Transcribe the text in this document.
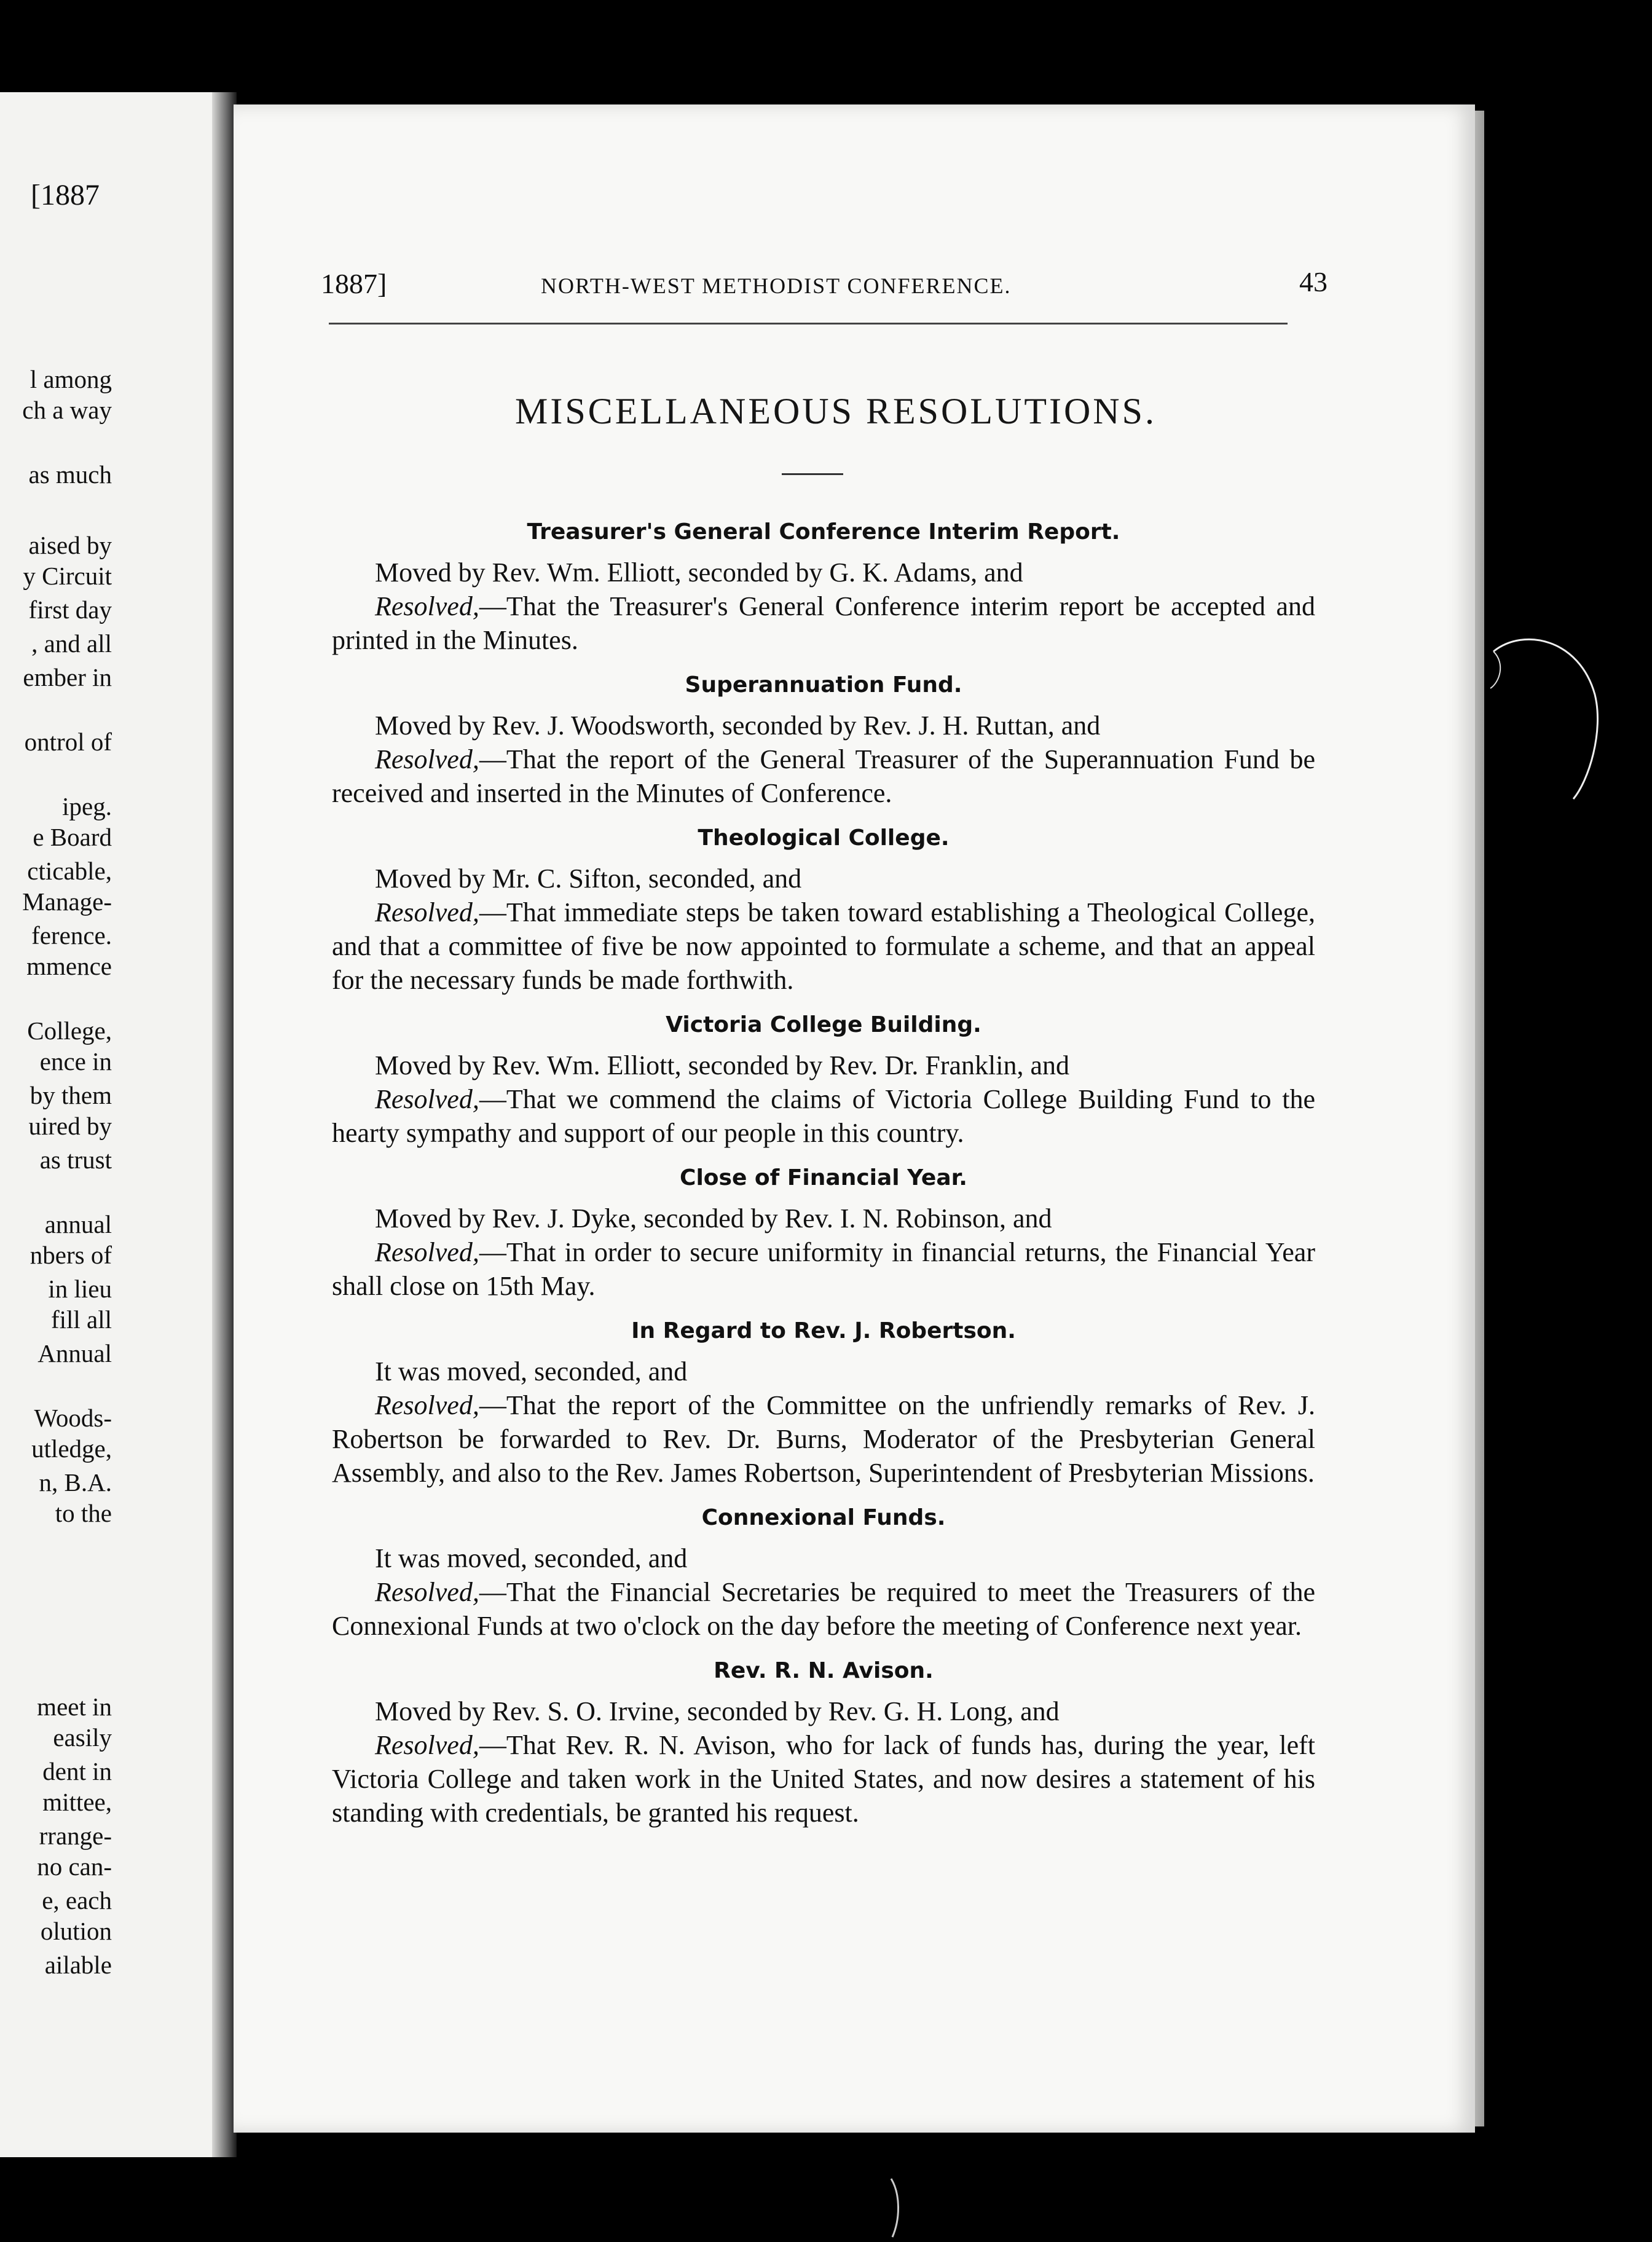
[1887
l among
ch a way
as much
aised by
y Circuit
first day
, and all
ember in
ontrol of
ipeg.
e Board
cticable,
Manage-
ference.
mmence
College,
ence in
by them
uired by
as trust
annual
nbers of
in lieu
fill all
Annual
Woods-
utledge,
n, B.A.
to the
meet in
easily
dent in
mittee,
rrange-
no can-
e, each
olution
ailable
1887]	NORTH-WEST METHODIST CONFERENCE.	43
MISCELLANEOUS RESOLUTIONS.
Treasurer's General Conference Interim Report.

Moved by Rev. Wm. Elliott, seconded by G. K. Adams, and

Resolved,—That the Treasurer's General Conference interim report be accepted and printed in the Minutes.

Superannuation Fund.

Moved by Rev. J. Woodsworth, seconded by Rev. J. H. Ruttan, and

Resolved,—That the report of the General Treasurer of the Superannuation Fund be received and inserted in the Minutes of Conference.

Theological College.

Moved by Mr. C. Sifton, seconded, and

Resolved,—That immediate steps be taken toward establishing a Theological College, and that a committee of five be now appointed to formulate a scheme, and that an appeal for the necessary funds be made forthwith.

Victoria College Building.

Moved by Rev. Wm. Elliott, seconded by Rev. Dr. Franklin, and

Resolved,—That we commend the claims of Victoria College Building Fund to the hearty sympathy and support of our people in this country.

Close of Financial Year.

Moved by Rev. J. Dyke, seconded by Rev. I. N. Robinson, and

Resolved,—That in order to secure uniformity in financial returns, the Financial Year shall close on 15th May.

In Regard to Rev. J. Robertson.

It was moved, seconded, and

Resolved,—That the report of the Committee on the unfriendly remarks of Rev. J. Robertson be forwarded to Rev. Dr. Burns, Moderator of the Presbyterian General Assembly, and also to the Rev. James Robertson, Superintendent of Presbyterian Missions.

Connexional Funds.

It was moved, seconded, and

Resolved,—That the Financial Secretaries be required to meet the Treasurers of the Connexional Funds at two o'clock on the day before the meeting of Conference next year.

Rev. R. N. Avison.

Moved by Rev. S. O. Irvine, seconded by Rev. G. H. Long, and

Resolved,—That Rev. R. N. Avison, who for lack of funds has, during the year, left Victoria College and taken work in the United States, and now desires a statement of his standing with credentials, be granted his request.
